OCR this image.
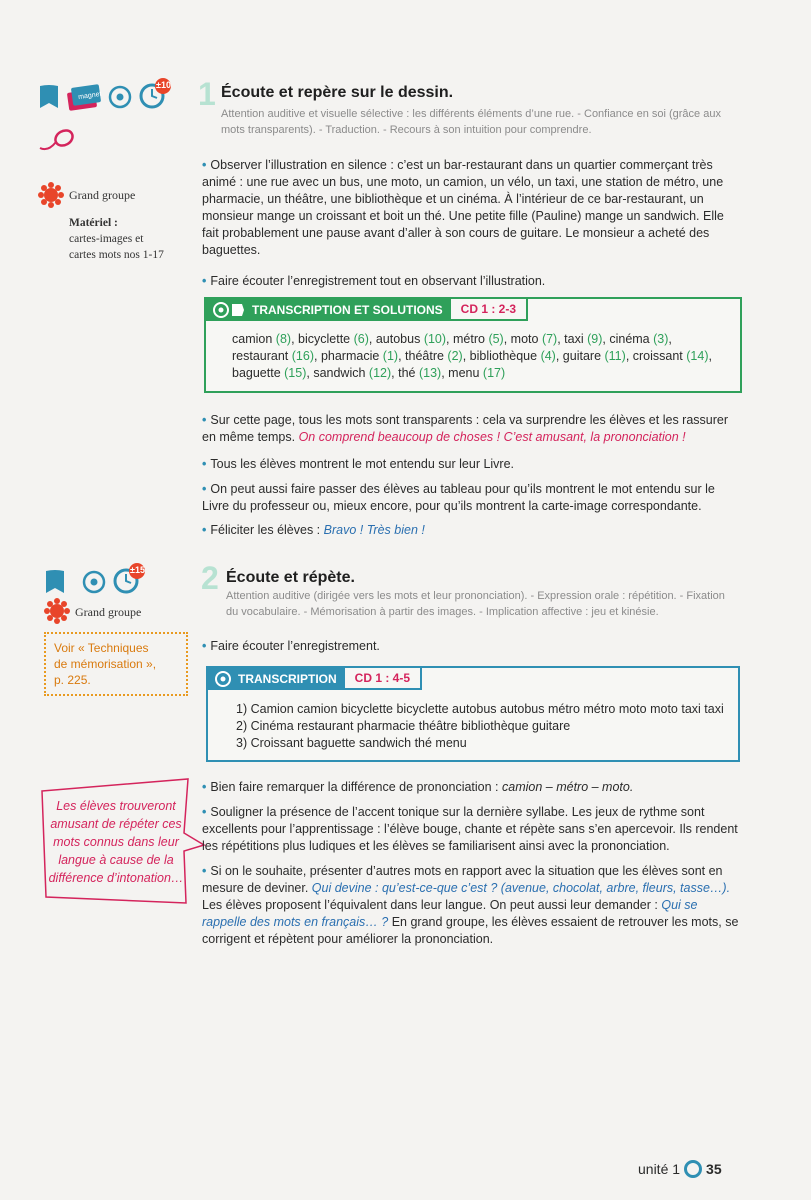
magnet
±10
Grand groupe
Matériel :
cartes-images et
cartes mots nos 1-17
1 Écoute et repère sur le dessin.
Attention auditive et visuelle sélective : les différents éléments d’une rue. - Confiance en soi (grâce aux
mots transparents). - Traduction. - Recours à son intuition pour comprendre.

• Observer l’illustration en silence : c’est un bar-restaurant dans un quartier commerçant très animé : une rue avec un bus, une moto, un camion, un vélo, un taxi, une station de métro, une pharmacie, un théâtre, une bibliothèque et un cinéma. À l’intérieur de ce bar-restaurant, un monsieur mange un croissant et boit un thé. Une petite fille (Pauline) mange un sandwich. Elle fait probablement une pause avant d’aller à son cours de guitare. Le monsieur a acheté des baguettes.

• Faire écouter l’enregistrement tout en observant l’illustration.

TRANSCRIPTION ET SOLUTIONS	CD 1 : 2-3
camion (8), bicyclette (6), autobus (10), métro (5), moto (7), taxi (9), cinéma (3), restaurant (16), pharmacie (1), théâtre (2), bibliothèque (4), guitare (11), croissant (14), baguette (15), sandwich (12), thé (13), menu (17)

• Sur cette page, tous les mots sont transparents : cela va surprendre les élèves et les rassurer en même temps. On comprend beaucoup de choses ! C’est amusant, la prononciation !

• Tous les élèves montrent le mot entendu sur leur Livre.

• On peut aussi faire passer des élèves au tableau pour qu’ils montrent le mot entendu sur le Livre du professeur ou, mieux encore, pour qu’ils montrent la carte-image correspondante.

• Féliciter les élèves : Bravo ! Très bien !

±15
Grand groupe
Voir « Techniques
de mémorisation »,
p. 225.
Les élèves trouveront
amusant de répéter ces
mots connus dans leur
langue à cause de la
différence d’intonation…
2 Écoute et répète.
Attention auditive (dirigée vers les mots et leur prononciation). - Expression orale : répétition. - Fixation
du vocabulaire. - Mémorisation à partir des images. - Implication affective : jeu et kinésie.

• Faire écouter l’enregistrement.

TRANSCRIPTION	CD 1 : 4-5
1) Camion camion bicyclette bicyclette autobus autobus métro métro moto moto taxi taxi
2) Cinéma restaurant pharmacie théâtre bibliothèque guitare
3) Croissant baguette sandwich thé menu

• Bien faire remarquer la différence de prononciation : camion – métro – moto.

• Souligner la présence de l’accent tonique sur la dernière syllabe. Les jeux de rythme sont excellents pour l’apprentissage : l’élève bouge, chante et répète sans s’en apercevoir. Ils rendent les répétitions plus ludiques et les élèves se familiarisent ainsi avec la prononciation.

• Si on le souhaite, présenter d’autres mots en rapport avec la situation que les élèves sont en mesure de deviner. Qui devine : qu’est-ce-que c’est ? (avenue, chocolat, arbre, fleurs, tasse…). Les élèves proposent l’équivalent dans leur langue. On peut aussi leur demander : Qui se rappelle des mots en français… ? En grand groupe, les élèves essaient de retrouver les mots, se corrigent et répètent pour améliorer la prononciation.

unité 1 35
